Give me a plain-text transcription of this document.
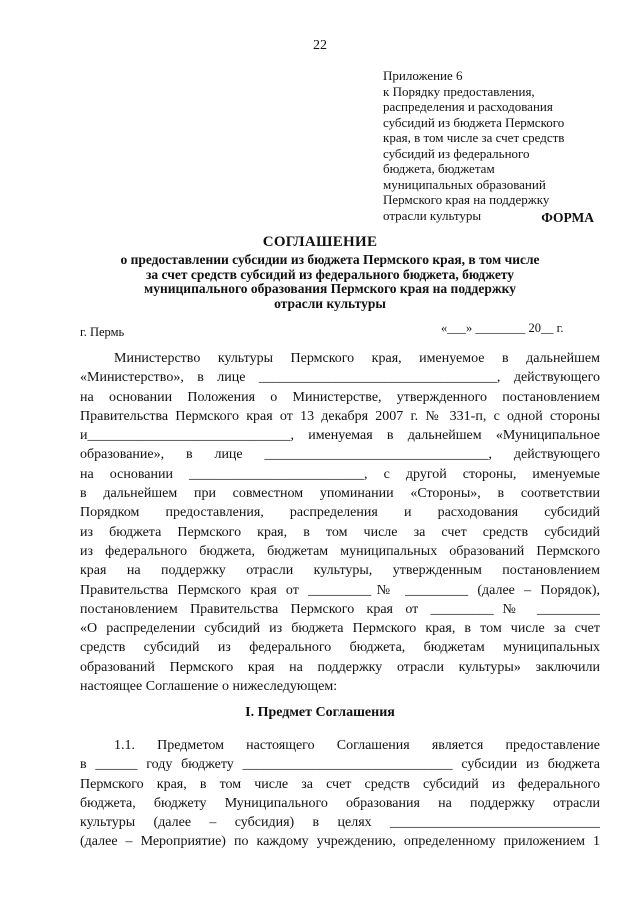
22
Приложение 6
к Порядку предоставления,
распределения и расходования
субсидий из бюджета Пермского
края, в том числе за счет средств
субсидий из федерального
бюджета, бюджетам
муниципальных образований
Пермского края на поддержку
отрасли культуры	ФОРМА
СОГЛАШЕНИЕ
о предоставлении субсидии из бюджета Пермского края, в том числе
за счет средств субсидий из федерального бюджета, бюджету
муниципального образования Пермского края на поддержку
отрасли культуры
г. Пермь	«___» ________ 20__ г.
Министерство культуры Пермского края, именуемое в дальнейшем
«Министерство», в лице __________________________________, действующего
на основании Положения о Министерстве, утвержденного постановлением
Правительства Пермского края от 13 декабря 2007 г. № 331-п, с одной стороны
и_____________________________, именуемая в дальнейшем «Муниципальное
образование», в лице ________________________________, действующего
на основании _________________________, с другой стороны, именуемые
в дальнейшем при совместном упоминании «Стороны», в соответствии
Порядком предоставления, распределения и расходования субсидий
из бюджета Пермского края, в том числе за счет средств субсидий
из федерального бюджета, бюджетам муниципальных образований Пермского
края на поддержку отрасли культуры, утвержденным постановлением
Правительства Пермского края от _________№ _________ (далее – Порядок),
постановлением Правительства Пермского края от _________№ _________
«О распределении субсидий из бюджета Пермского края, в том числе за счет
средств субсидий из федерального бюджета, бюджетам муниципальных
образований Пермского края на поддержку отрасли культуры» заключили
настоящее Соглашение о нижеследующем:
I. Предмет Соглашения
1.1. Предметом настоящего Соглашения является предоставление
в ______ году бюджету ______________________________ субсидии из бюджета
Пермского края, в том числе за счет средств субсидий из федерального
бюджета, бюджету Муниципального образования на поддержку отрасли
культуры (далее – субсидия) в целях ______________________________
(далее – Мероприятие) по каждому учреждению, определенному приложением 1
